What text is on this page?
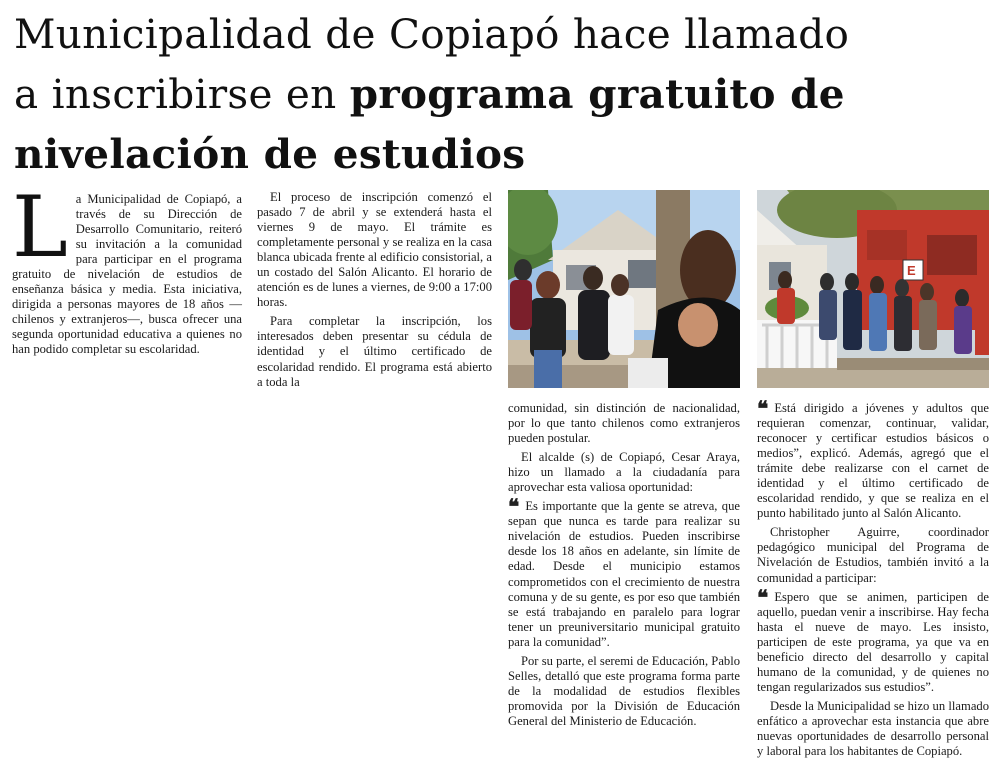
Municipalidad de Copiapó hace llamado
a inscribirse en programa gratuito de
nivelación de estudios

La Municipalidad de Copiapó, a través de su Dirección de Desarrollo Comunitario, reiteró su invitación a la comunidad para participar en el programa gratuito de nivelación de estudios de enseñanza básica y media. Esta iniciativa, dirigida a personas mayores de 18 años —chilenos y extranjeros—, busca ofrecer una segunda oportunidad educativa a quienes no han podido completar su escolaridad.

El proceso de inscripción comenzó el pasado 7 de abril y se extenderá hasta el viernes 9 de mayo. El trámite es completamente personal y se realiza en la casa blanca ubicada frente al edificio consistorial, a un costado del Salón Alicanto. El horario de atención es de lunes a viernes, de 9:00 a 17:00 horas.

Para completar la inscripción, los interesados deben presentar su cédula de identidad y el último certificado de escolaridad rendido. El programa está abierto a toda la

E

comunidad, sin distinción de nacionalidad, por lo que tanto chilenos como extranjeros pueden postular.

El alcalde (s) de Copiapó, Cesar Araya, hizo un llamado a la ciudadanía para aprovechar esta valiosa oportunidad:

❝ Es importante que la gente se atreva, que sepan que nunca es tarde para realizar su nivelación de estudios. Pueden inscribirse desde los 18 años en adelante, sin límite de edad. Desde el municipio estamos comprometidos con el crecimiento de nuestra comuna y de su gente, es por eso que también se está trabajando en paralelo para lograr tener un preuniversitario municipal gratuito para la comunidad”.

Por su parte, el seremi de Educación, Pablo Selles, detalló que este programa forma parte de la modalidad de estudios flexibles promovida por la División de Educación General del Ministerio de Educación.

❝ Está dirigido a jóvenes y adultos que requieran comenzar, continuar, validar, reconocer y certificar estudios básicos o medios”, explicó. Además, agregó que el trámite debe realizarse con el carnet de identidad y el último certificado de escolaridad rendido, y que se realiza en el punto habilitado junto al Salón Alicanto.

Christopher Aguirre, coordinador pedagógico municipal del Programa de Nivelación de Estudios, también invitó a la comunidad a participar:

❝ Espero que se animen, participen de aquello, puedan venir a inscribirse. Hay fecha hasta el nueve de mayo. Les insisto, participen de este programa, ya que va en beneficio directo del desarrollo y capital humano de la comunidad, y de quienes no tengan regularizados sus estudios”.

Desde la Municipalidad se hizo un llamado enfático a aprovechar esta instancia que abre nuevas oportunidades de desarrollo personal y laboral para los habitantes de Copiapó.
